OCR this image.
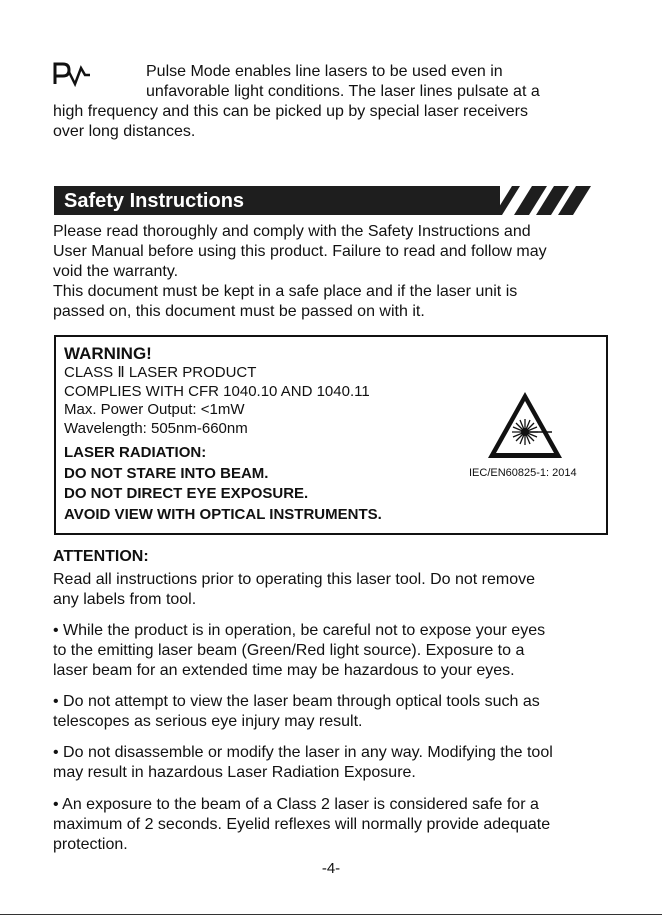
Pulse Mode enables line lasers to be used even in
unfavorable light conditions. The laser lines pulsate at a
high frequency and this can be picked up by special laser receivers
over long distances.
Safety Instructions
Please read thoroughly and comply with the Safety Instructions and
User Manual before using this product. Failure to read and follow may
void the warranty.
This document must be kept in a safe place and if the laser unit is
passed on, this document must be passed on with it.
WARNING!
CLASS Ⅱ LASER PRODUCT
COMPLIES WITH CFR 1040.10 AND 1040.11
Max. Power Output: <1mW
Wavelength: 505nm-660nm
LASER RADIATION:
DO NOT STARE INTO BEAM.
DO NOT DIRECT EYE EXPOSURE.
AVOID VIEW WITH OPTICAL INSTRUMENTS.
IEC/EN60825-1: 2014
ATTENTION:
Read all instructions prior to operating this laser tool. Do not remove
any labels from tool.
• While the product is in operation, be careful not to expose your eyes
to the emitting laser beam (Green/Red light source). Exposure to a
laser beam for an extended time may be hazardous to your eyes.
• Do not attempt to view the laser beam through optical tools such as
telescopes as serious eye injury may result.
• Do not disassemble or modify the laser in any way. Modifying the tool
may result in hazardous Laser Radiation Exposure.
• An exposure to the beam of a Class 2 laser is considered safe for a
maximum of 2 seconds. Eyelid reflexes will normally provide adequate
protection.
-4-
